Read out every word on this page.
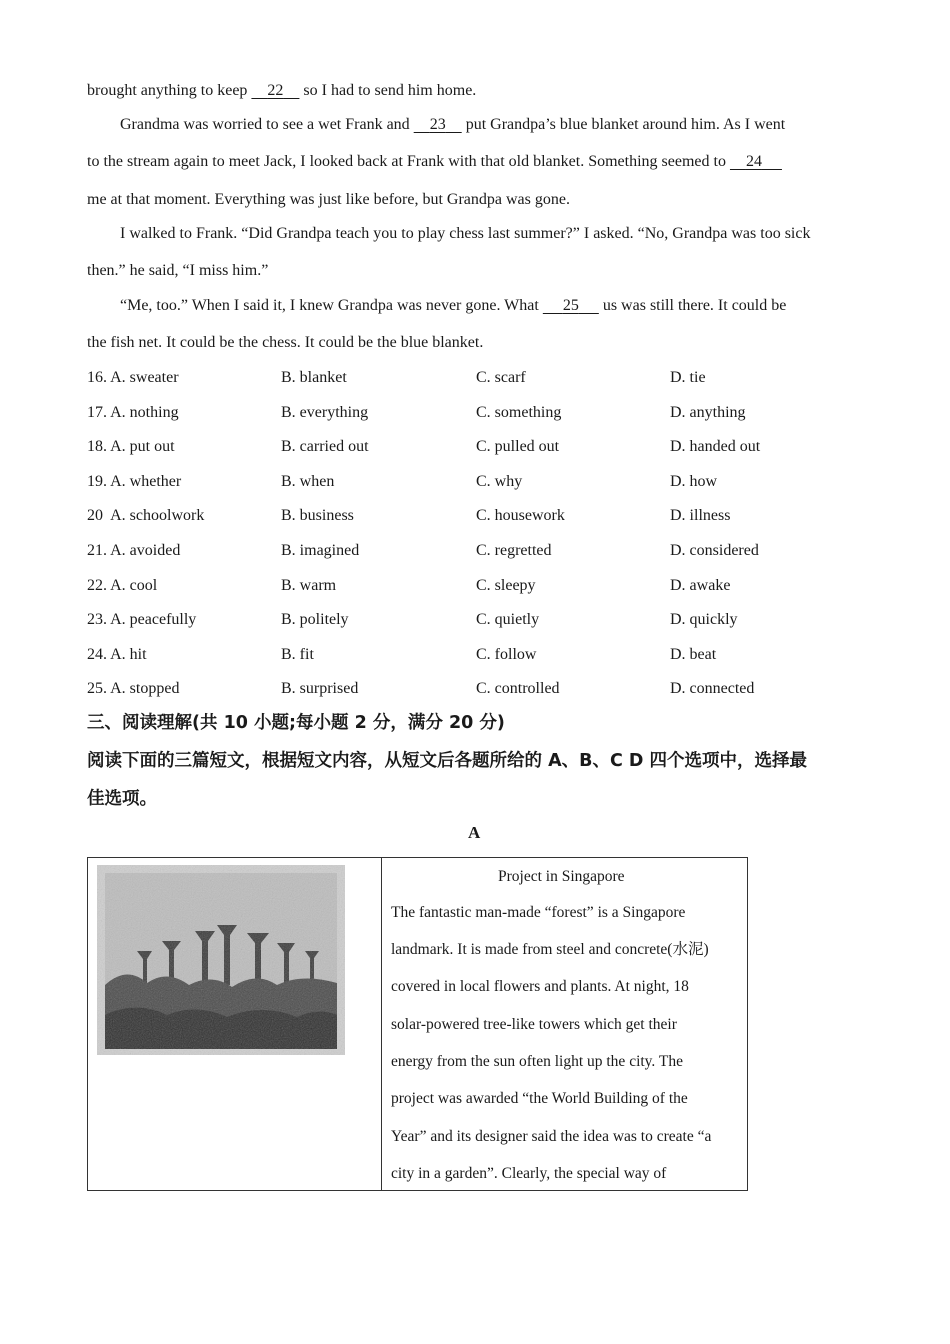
brought anything to keep     22     so I had to send him home.
Grandma was worried to see a wet Frank and     23     put Grandpa’s blue blanket around him. As I went
to the stream again to meet Jack, I looked back at Frank with that old blanket. Something seemed to     24
me at that moment. Everything was just like before, but Grandpa was gone.
I walked to Frank. “Did Grandpa teach you to play chess last summer?” I asked. “No, Grandpa was too sick
then.” he said, “I miss him.”
“Me, too.” When I said it, I knew Grandpa was never gone. What      25      us was still there. It could be
the fish net. It could be the chess. It could be the blue blanket.
16. A. sweater	B. blanket	C. scarf	D. tie
17. A. nothing	B. everything	C. something	D. anything
18. A. put out	B. carried out	C. pulled out	D. handed out
19. A. whether	B. when	C. why	D. how
20  A. schoolwork	B. business	C. housework	D. illness
21. A. avoided	B. imagined	C. regretted	D. considered
22. A. cool	B. warm	C. sleepy	D. awake
23. A. peacefully	B. politely	C. quietly	D. quickly
24. A. hit	B. fit	C. follow	D. beat
25. A. stopped	B. surprised	C. controlled	D. connected
三、阅读理解(共 10 小题;每小题 2 分，满分 20 分)
阅读下面的三篇短文，根据短文内容，从短文后各题所给的 A、B、C D 四个选项中，选择最
佳选项。
A
Project in Singapore
The fantastic man-made “forest” is a Singapore
landmark. It is made from steel and concrete(水泥)
covered in local flowers and plants. At night, 18
solar-powered tree-like towers which get their
energy from the sun often light up the city. The
project was awarded “the World Building of the
Year” and its designer said the idea was to create “a
city in a garden”. Clearly, the special way of
